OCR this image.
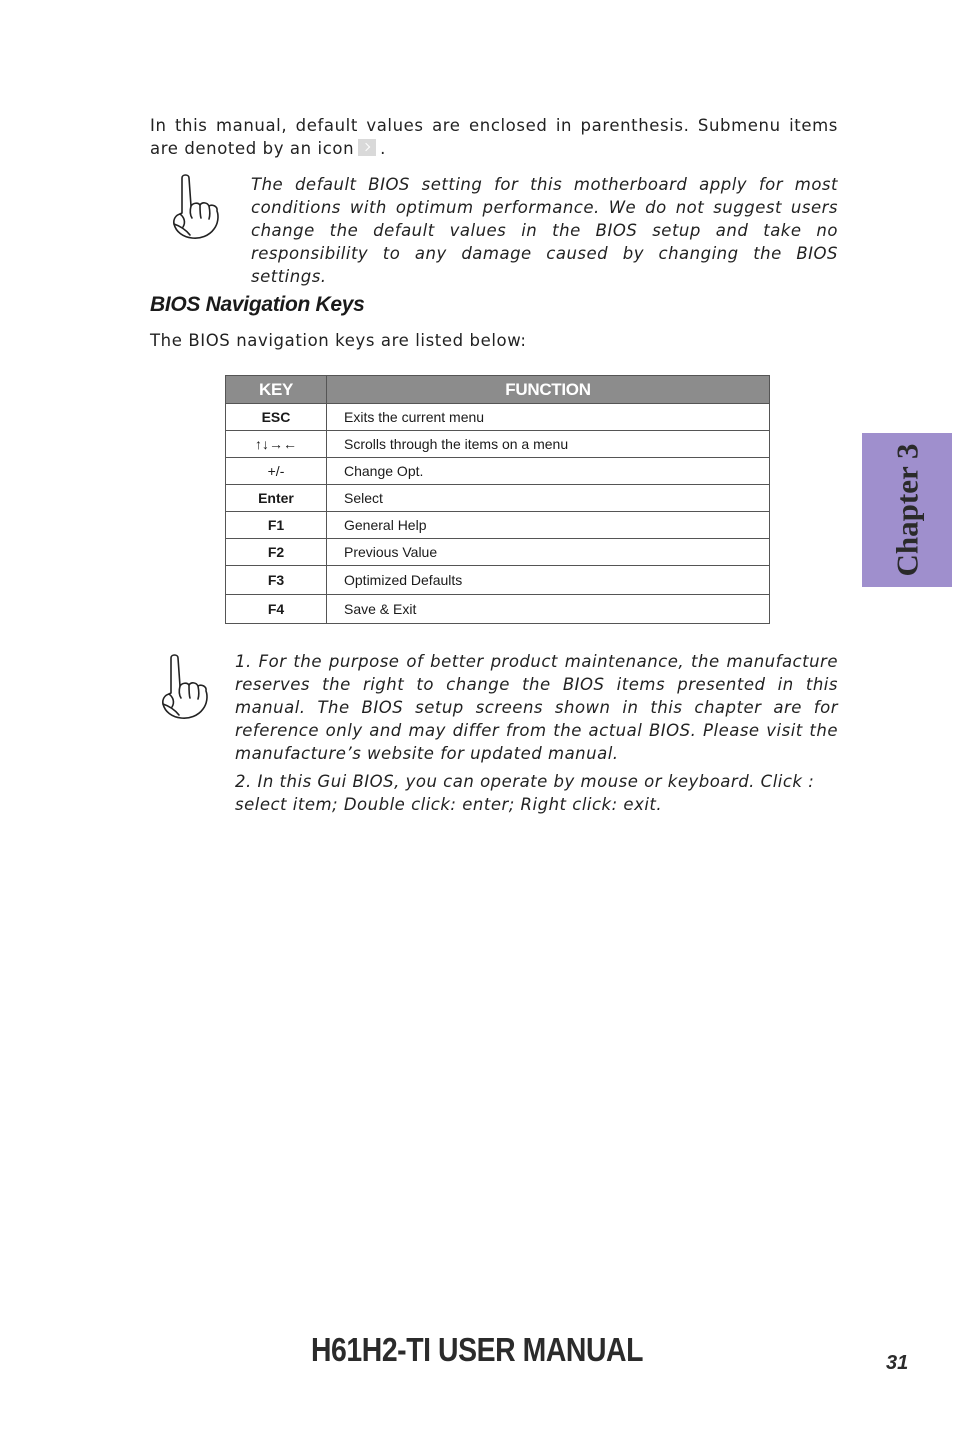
In this manual, default values are enclosed in parenthesis. Submenu items are denoted by an icon .

The default BIOS setting for this motherboard apply for most conditions with optimum performance. We do not suggest users change the default values in the BIOS setup and take no responsibility to any damage caused by changing the BIOS settings.

BIOS Navigation Keys

The BIOS navigation keys are listed below:

KEY	FUNCTION
ESC	Exits the current menu
↑↓→←	Scrolls through the items on a menu
+/-	Change Opt.
Enter	Select
F1	General Help
F2	Previous Value
F3	Optimized Defaults
F4	Save & Exit

1. For the purpose of better product maintenance, the manufacture reserves the right to change the BIOS items presented in this manual. The BIOS setup screens shown in this chapter are for reference only and may differ from the actual BIOS. Please visit the manufacture’s website for updated manual.

2. In this Gui BIOS, you can operate by mouse or keyboard. Click : select item; Double click: enter; Right click: exit.

Chapter 3
H61H2-TI USER MANUAL	31
